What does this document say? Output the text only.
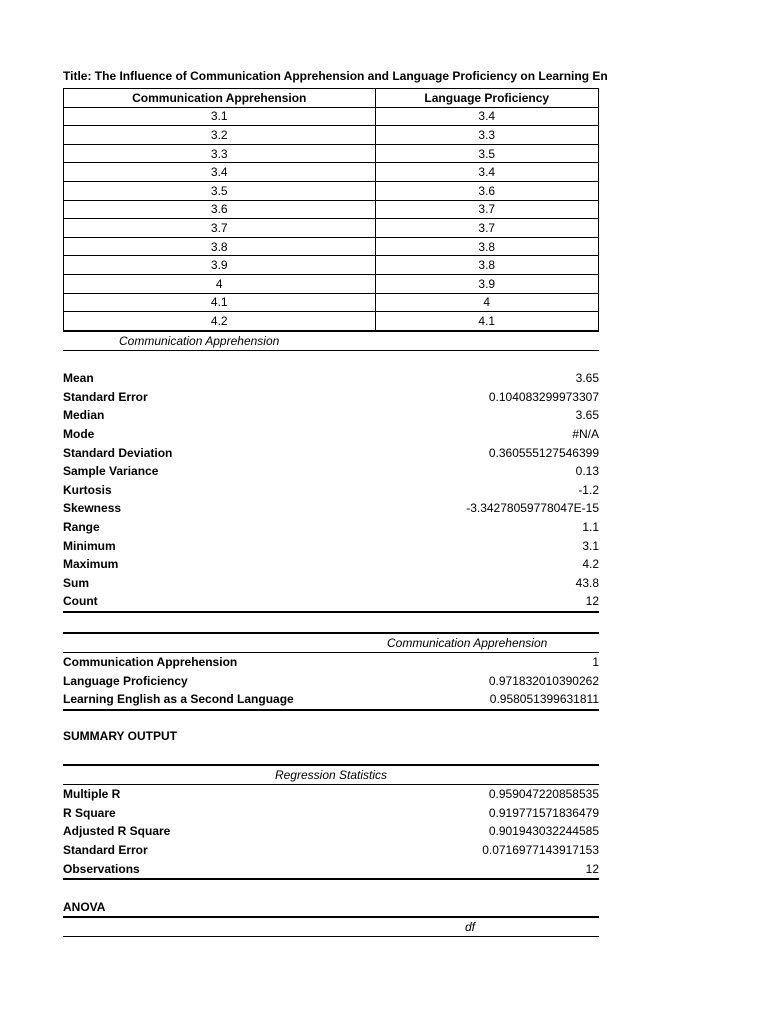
Title: The Influence of Communication Apprehension and Language Proficiency on Learning En
Communication Apprehension	Language Proficiency
3.1	3.4
3.2	3.3
3.3	3.5
3.4	3.4
3.5	3.6
3.6	3.7
3.7	3.7
3.8	3.8
3.9	3.8
4	3.9
4.1	4
4.2	4.1
Communication Apprehension
Mean	3.65
Standard Error	0.104083299973307
Median	3.65
Mode	#N/A
Standard Deviation	0.360555127546399
Sample Variance	0.13
Kurtosis	-1.2
Skewness	-3.34278059778047E-15
Range	1.1
Minimum	3.1
Maximum	4.2
Sum	43.8
Count	12
Communication Apprehension
Communication Apprehension	1
Language Proficiency	0.971832010390262
Learning English as a Second Language	0.958051399631811
SUMMARY OUTPUT
Regression Statistics
Multiple R	0.959047220858535
R Square	0.919771571836479
Adjusted R Square	0.901943032244585
Standard Error	0.0716977143917153
Observations	12
ANOVA
df
